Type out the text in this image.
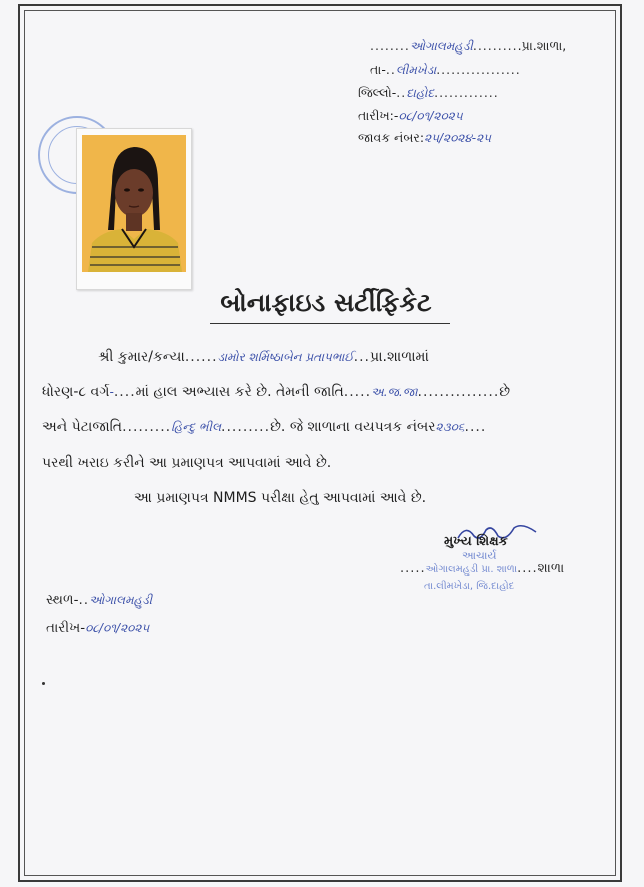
........ઓગાલમહુડી..........પ્રા.શાળા,
તા-..લીમખેડા.................
જિલ્લો-..દાહોદ.............
તારીખ:-૦૮/૦૧/૨૦૨૫
જાવક નંબર:૨૫/૨૦૨૪-૨૫
બોનાફાઇડ સર્ટીફિકેટ
શ્રી કુમાર/કન્યા......ડામોર શર્મિષ્ઠાબેન પ્રતાપભાઈ...પ્રા.શાળામાં
ધોરણ-૮ વર્ગ-....માં હાલ અભ્યાસ કરે છે. તેમની જાતિ.....અ.જ.જા...............છે
અને પેટાજાતિ.........હિન્દુ ભીલ.........છે. જે શાળાના વયપત્રક નંબર૨૩૦૬....
પરથી ખરાઇ કરીને આ પ્રમાણપત્ર આપવામાં આવે છે.
આ પ્રમાણપત્ર NMMS પરીક્ષા હેતુ આપવામાં આવે છે.
મુખ્ય શિક્ષક
આચાર્ય
.....ઓગાલમહુડી પ્રા. શાળા....શાળા
તા.લીમખેડા, જિ.દાહોદ
સ્થળ-..ઓગાલમહુડી
તારીખ-૦૮/૦૧/૨૦૨૫
